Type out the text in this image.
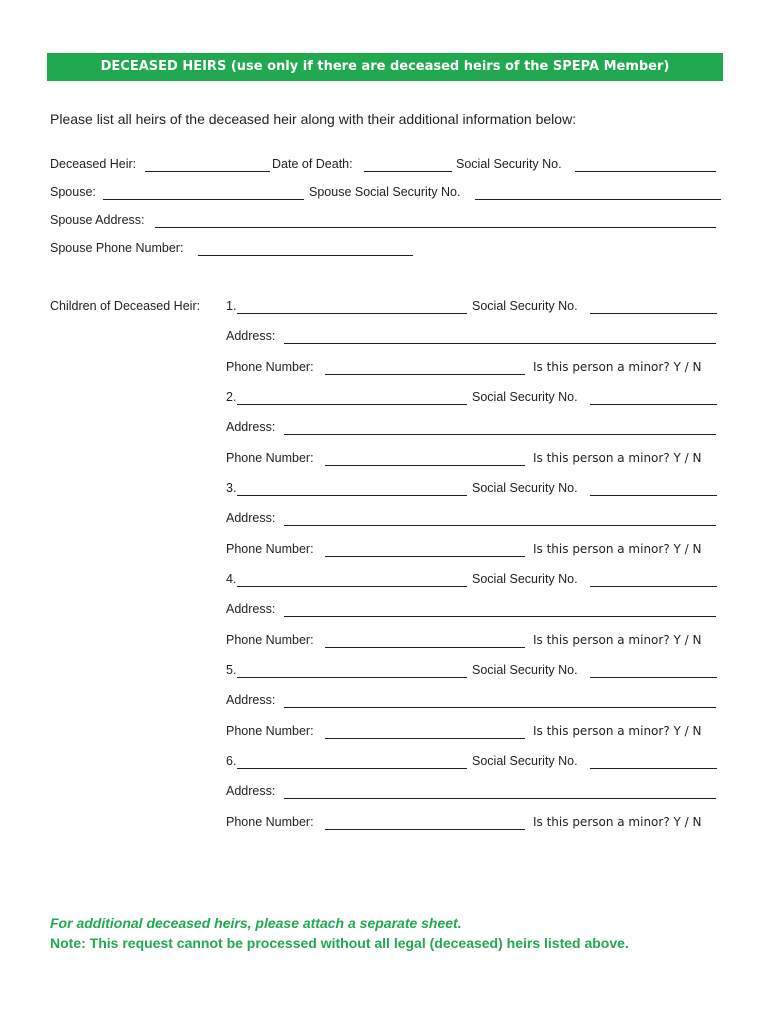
DECEASED HEIRS (use only if there are deceased heirs of the SPEPA Member)
Please list all heirs of the deceased heir along with their additional information below:
Deceased Heir:	Date of Death:	Social Security No.
Spouse:	Spouse Social Security No.
Spouse Address:
Spouse Phone Number:
Children of Deceased Heir: 1.	Social Security No.
Address:
Phone Number:	Is this person a minor? Y / N
2.	Social Security No.
Address:
Phone Number:	Is this person a minor? Y / N
3.	Social Security No.
Address:
Phone Number:	Is this person a minor? Y / N
4.	Social Security No.
Address:
Phone Number:	Is this person a minor? Y / N
5.	Social Security No.
Address:
Phone Number:	Is this person a minor? Y / N
6.	Social Security No.
Address:
Phone Number:	Is this person a minor? Y / N
For additional deceased heirs, please attach a separate sheet.
Note: This request cannot be processed without all legal (deceased) heirs listed above.
